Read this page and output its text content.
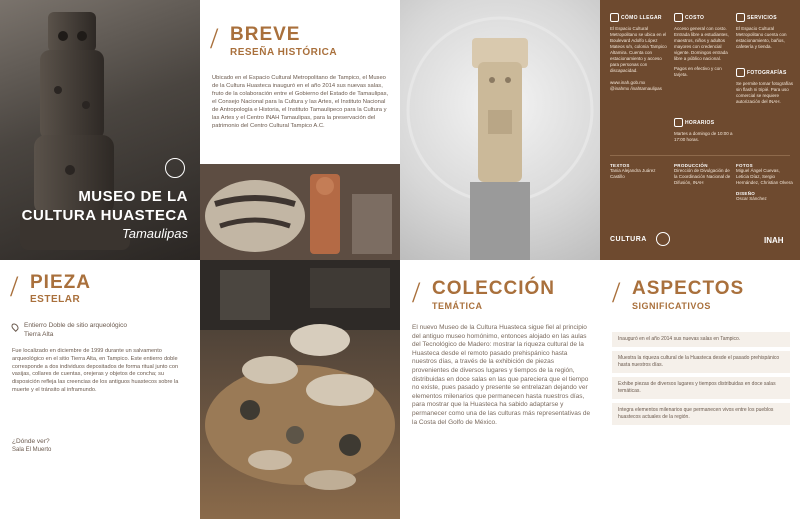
MUSEO DE LA
CULTURA HUASTECA
Tamaulipas
/ BREVE
RESEÑA HISTÓRICA
Ubicado en el Espacio Cultural Metropolitano de Tampico, el Museo de la Cultura Huasteca inauguró en el año 2014 sus nuevas salas, fruto de la colaboración entre el Gobierno del Estado de Tamaulipas, el Consejo Nacional para la Cultura y las Artes, el Instituto Nacional de Antropología e Historia, el Instituto Tamaulipeco para la Cultura y las Artes y el Centro INAH Tamaulipas, para la preservación del patrimonio del Centro Cultural Tampico A.C.
CÓMO LLEGAR
El Espacio Cultural Metropolitano se ubica en el Boulevard Adolfo López Mateos s/n, colonia Tampico Altamira. Cuenta con estacionamiento y acceso para personas con discapacidad.
www.inah.gob.mx
@inahmx /inahtamaulipas
COSTO
Acceso general con costo. Entrada libre a estudiantes, maestros, niños y adultos mayores con credencial vigente. Domingos entrada libre a público nacional.
Pagos en efectivo y con tarjeta.
HORARIOS
Martes a domingo de 10:00 a 17:00 horas.
SERVICIOS
El Espacio Cultural Metropolitano cuenta con estacionamiento, baños, cafetería y tienda.
FOTOGRAFÍAS
Se permite tomar fotografías sin flash ni tripié. Para uso comercial se requiere autorización del INAH.
TEXTOS
Tania Alejandra Juárez Castillo
PRODUCCIÓN
Dirección de Divulgación de la Coordinación Nacional de Difusión, INAH
FOTOS
Miguel Ángel Cuevas, Leticia Díaz, Sergio Hernández, Christian Olvera
DISEÑO
Oscar Sánchez
CULTURA	INAH
/ PIEZA
ESTELAR
Entierro Doble de sitio arqueológico
Tierra Alta
Fue localizado en diciembre de 1999 durante un salvamento arqueológico en el sitio Tierra Alta, en Tampico. Este entierro doble corresponde a dos individuos depositados de forma ritual junto con vasijas, collares de cuentas, orejeras y objetos de concha; su disposición refleja las creencias de los antiguos huastecos sobre la muerte y el tránsito al inframundo.
¿Dónde ver?
Sala El Muerto
/ COLECCIÓN
TEMÁTICA
El nuevo Museo de la Cultura Huasteca sigue fiel al principio del antiguo museo homónimo, entonces alojado en las aulas del Tecnológico de Madero: mostrar la riqueza cultural de la Huasteca desde el remoto pasado prehispánico hasta nuestros días, a través de la exhibición de piezas provenientes de diversos lugares y tiempos de la región, distribuidas en doce salas en las que pareciera que el tiempo no existe, pues pasado y presente se entrelazan dejando ver elementos milenarios que permanecen hasta nuestros días, para mostrar que la Huasteca ha sabido adaptarse y permanecer como una de las culturas más representativas de la Costa del Golfo de México.
/ ASPECTOS
SIGNIFICATIVOS
Inauguró en el año 2014 sus nuevas salas en Tampico.
Muestra la riqueza cultural de la Huasteca desde el pasado prehispánico hasta nuestros días.
Exhibe piezas de diversos lugares y tiempos distribuidas en doce salas temáticas.
Integra elementos milenarios que permanecen vivos entre los pueblos huastecos actuales de la región.
